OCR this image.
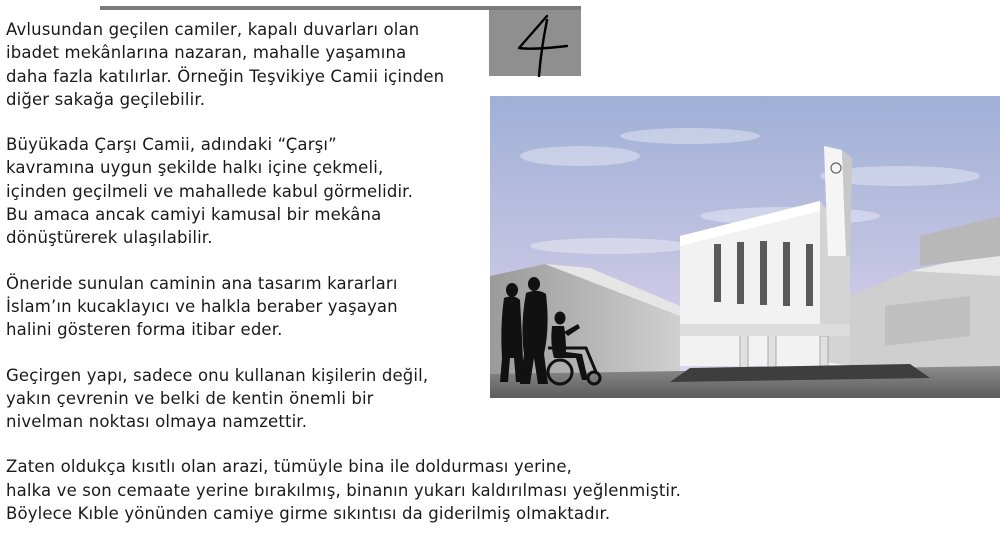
Avlusundan geçilen camiler, kapalı duvarları olan
ibadet mekânlarına nazaran, mahalle yaşamına
daha fazla katılırlar. Örneğin Teşvikiye Camii içinden
diğer sakağa geçilebilir.

Büyükada Çarşı Camii, adındaki “Çarşı”
kavramına uygun şekilde halkı içine çekmeli,
içinden geçilmeli ve mahallede kabul görmelidir.
Bu amaca ancak camiyi kamusal bir mekâna
dönüştürerek ulaşılabilir.

Öneride sunulan caminin ana tasarım kararları
İslam’ın kucaklayıcı ve halkla beraber yaşayan
halini gösteren forma itibar eder.

Geçirgen yapı, sadece onu kullanan kişilerin değil,
yakın çevrenin ve belki de kentin önemli bir
nivelman noktası olmaya namzettir.

Zaten oldukça kısıtlı olan arazi, tümüyle bina ile doldurması yerine,
halka ve son cemaate yerine bırakılmış, binanın yukarı kaldırılması yeğlenmiştir.
Böylece Kıble yönünden camiye girme sıkıntısı da giderilmiş olmaktadır.
